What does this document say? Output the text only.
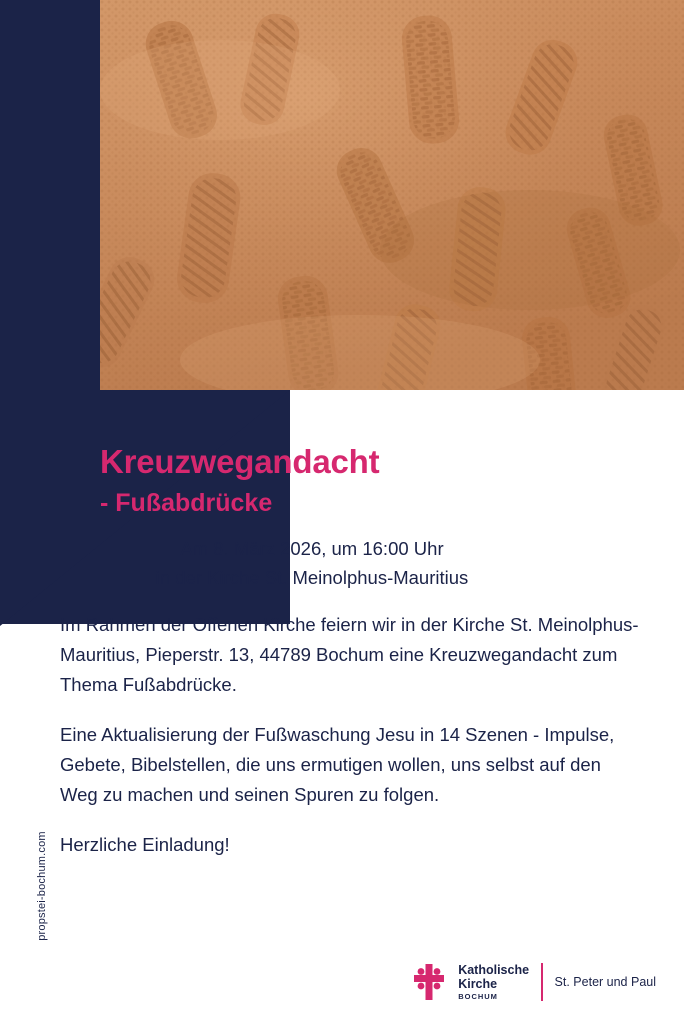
Kreuzwegandacht
- Fußabdrücke
Am 8. März 2026, um 16:00 Uhr
in der Kirche St. Meinolphus-Mauritius

Im Rahmen der Offenen Kirche feiern wir in der Kirche St. Meinolphus-Mauritius, Pieperstr. 13, 44789 Bochum eine Kreuzwegandacht zum Thema Fußabdrücke.

Eine Aktualisierung der Fußwaschung Jesu in 14 Szenen - Impulse, Gebete, Bibelstellen, die uns ermutigen wollen, uns selbst auf den Weg zu machen und seinen Spuren zu folgen.

Herzliche Einladung!

propstei-bochum.com
Katholische
Kirche
BOCHUM
St. Peter und Paul
